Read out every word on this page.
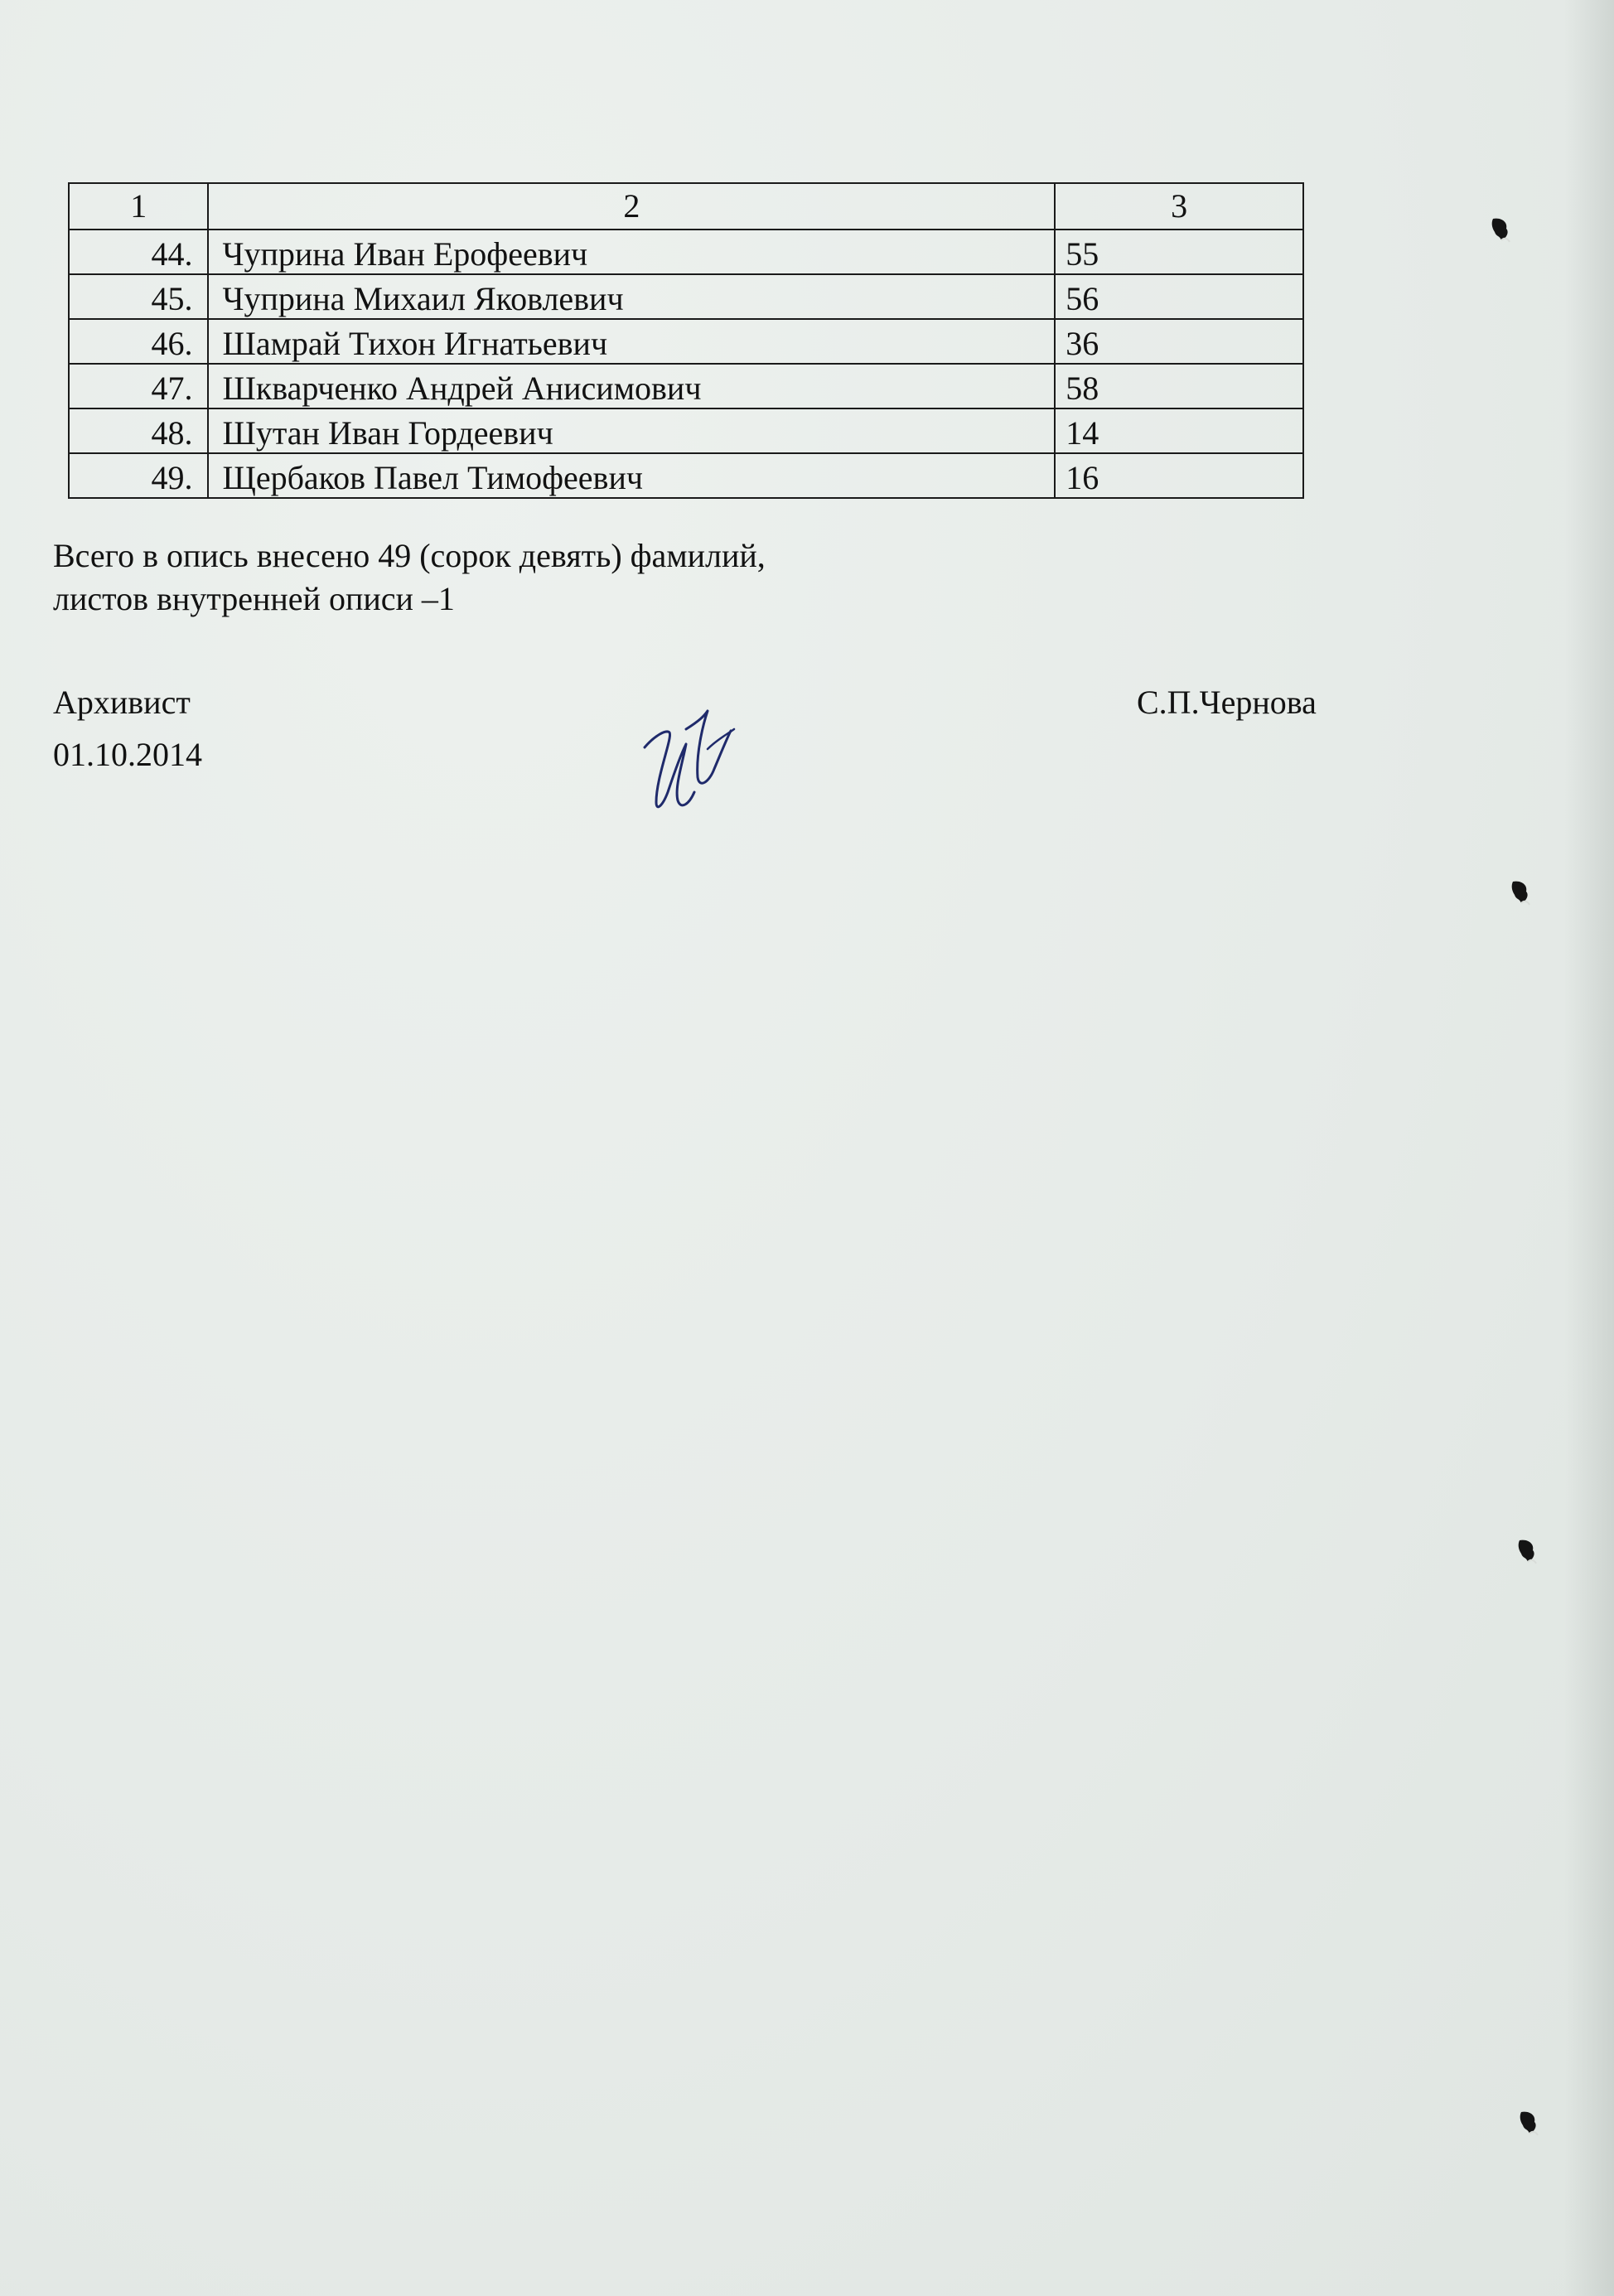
1	2	3
44.	Чуприна Иван Ерофеевич	55
45.	Чуприна Михаил Яковлевич	56
46.	Шамрай Тихон Игнатьевич	36
47.	Шкварченко Андрей Анисимович	58
48.	Шутан Иван Гордеевич	14
49.	Щербаков Павел Тимофеевич	16
Всего в опись внесено 49 (сорок девять) фамилий,
листов внутренней описи –1
Архивист
01.10.2014
С.П.Чернова
